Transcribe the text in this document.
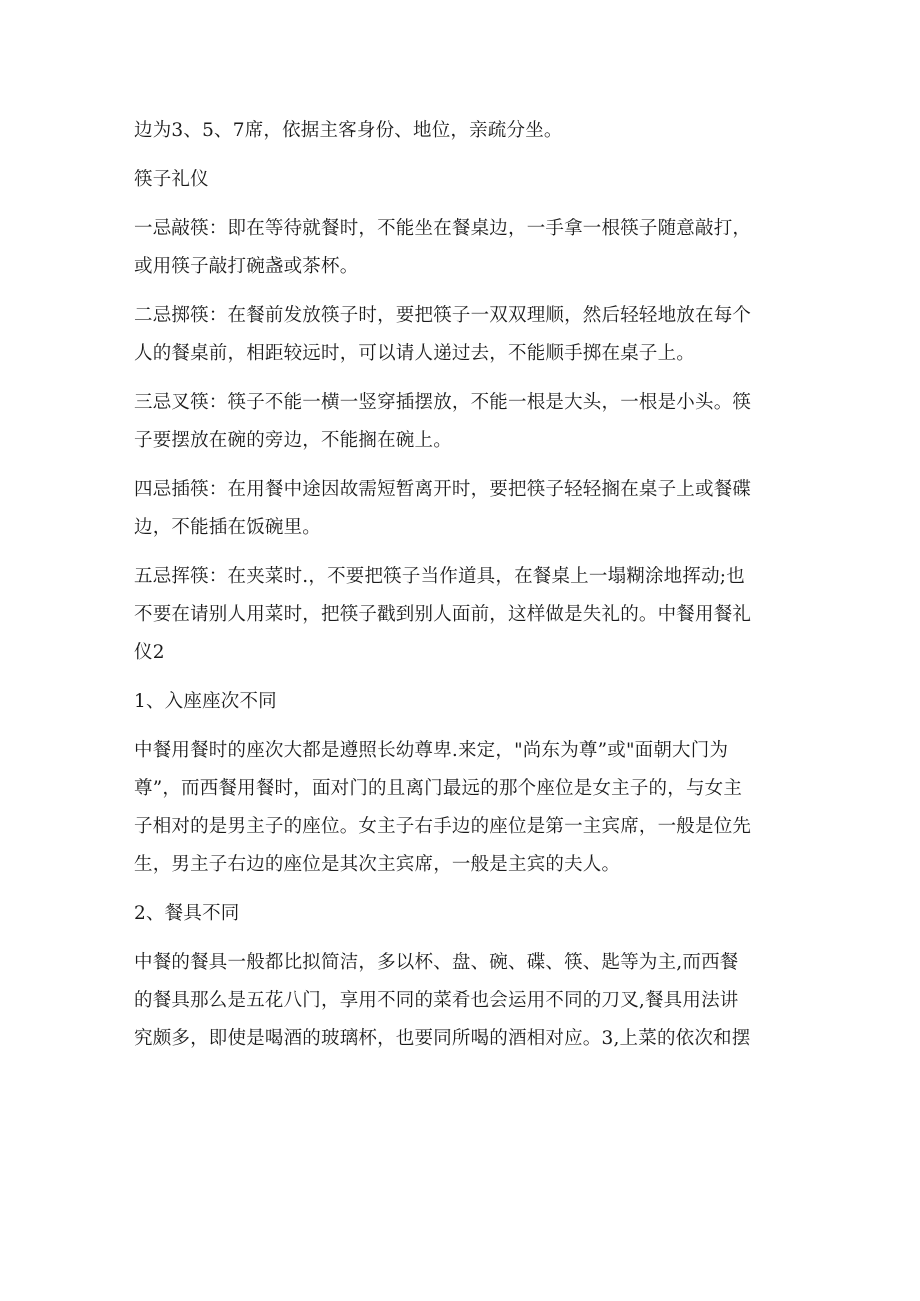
边为3、5、7席，依据主客身份、地位，亲疏分坐。
筷子礼仪
一忌敲筷：即在等待就餐时，不能坐在餐桌边，一手拿一根筷子随意敲打，
或用筷子敲打碗盏或茶杯。
二忌掷筷：在餐前发放筷子时，要把筷子一双双理顺，然后轻轻地放在每个
人的餐桌前，相距较远时，可以请人递过去，不能顺手掷在桌子上。
三忌叉筷：筷子不能一横一竖穿插摆放，不能一根是大头，一根是小头。筷
子要摆放在碗的旁边，不能搁在碗上。
四忌插筷：在用餐中途因故需短暂离开时，要把筷子轻轻搁在桌子上或餐碟
边，不能插在饭碗里。
五忌挥筷：在夹菜时.，不要把筷子当作道具，在餐桌上一塌糊涂地挥动;也
不要在请别人用菜时，把筷子戳到别人面前，这样做是失礼的。中餐用餐礼
仪2
1、入座座次不同
中餐用餐时的座次大都是遵照长幼尊卑.来定，"尚东为尊”或"面朝大门为
尊”，而西餐用餐时，面对门的且离门最远的那个座位是女主子的，与女主
子相对的是男主子的座位。女主子右手边的座位是第一主宾席，一般是位先
生，男主子右边的座位是其次主宾席，一般是主宾的夫人。
2、餐具不同
中餐的餐具一般都比拟简洁，多以杯、盘、碗、碟、筷、匙等为主,而西餐
的餐具那么是五花八门，享用不同的菜肴也会运用不同的刀叉,餐具用法讲
究颇多，即使是喝酒的玻璃杯，也要同所喝的酒相对应。3,上菜的依次和摆
